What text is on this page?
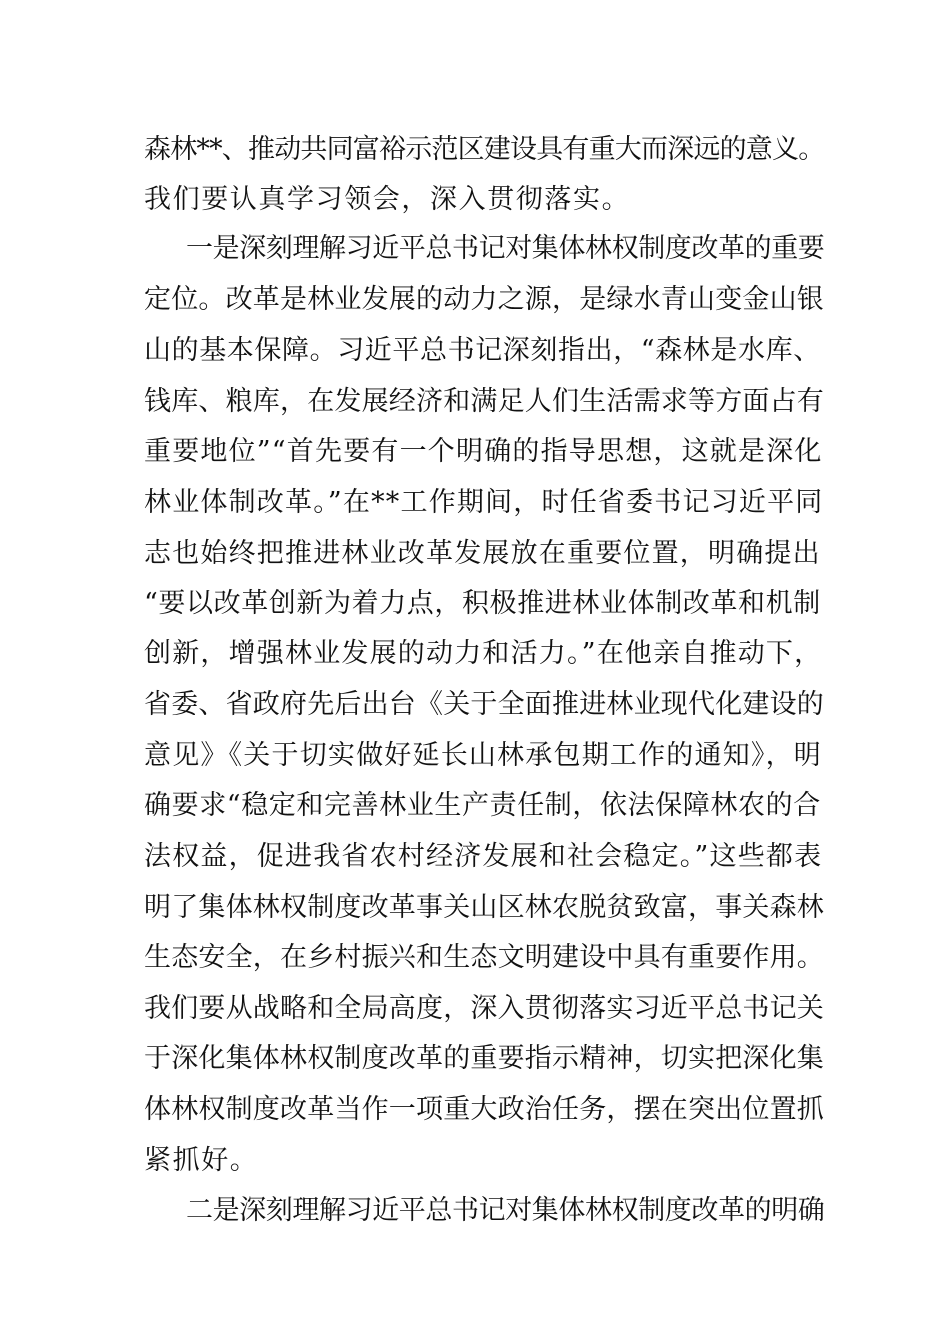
森林**、推动共同富裕示范区建设具有重大而深远的意义。
我们要认真学习领会，深入贯彻落实。
一是深刻理解习近平总书记对集体林权制度改革的重要
定位。改革是林业发展的动力之源，是绿水青山变金山银
山的基本保障。习近平总书记深刻指出，“森林是水库、
钱库、粮库，在发展经济和满足人们生活需求等方面占有
重要地位”“首先要有一个明确的指导思想，这就是深化
林业体制改革。”在**工作期间，时任省委书记习近平同
志也始终把推进林业改革发展放在重要位置，明确提出
“要以改革创新为着力点，积极推进林业体制改革和机制
创新，增强林业发展的动力和活力。”在他亲自推动下，
省委、省政府先后出台《关于全面推进林业现代化建设的
意见》《关于切实做好延长山林承包期工作的通知》，明
确要求“稳定和完善林业生产责任制，依法保障林农的合
法权益，促进我省农村经济发展和社会稳定。”这些都表
明了集体林权制度改革事关山区林农脱贫致富，事关森林
生态安全，在乡村振兴和生态文明建设中具有重要作用。
我们要从战略和全局高度，深入贯彻落实习近平总书记关
于深化集体林权制度改革的重要指示精神，切实把深化集
体林权制度改革当作一项重大政治任务，摆在突出位置抓
紧抓好。
二是深刻理解习近平总书记对集体林权制度改革的明确
